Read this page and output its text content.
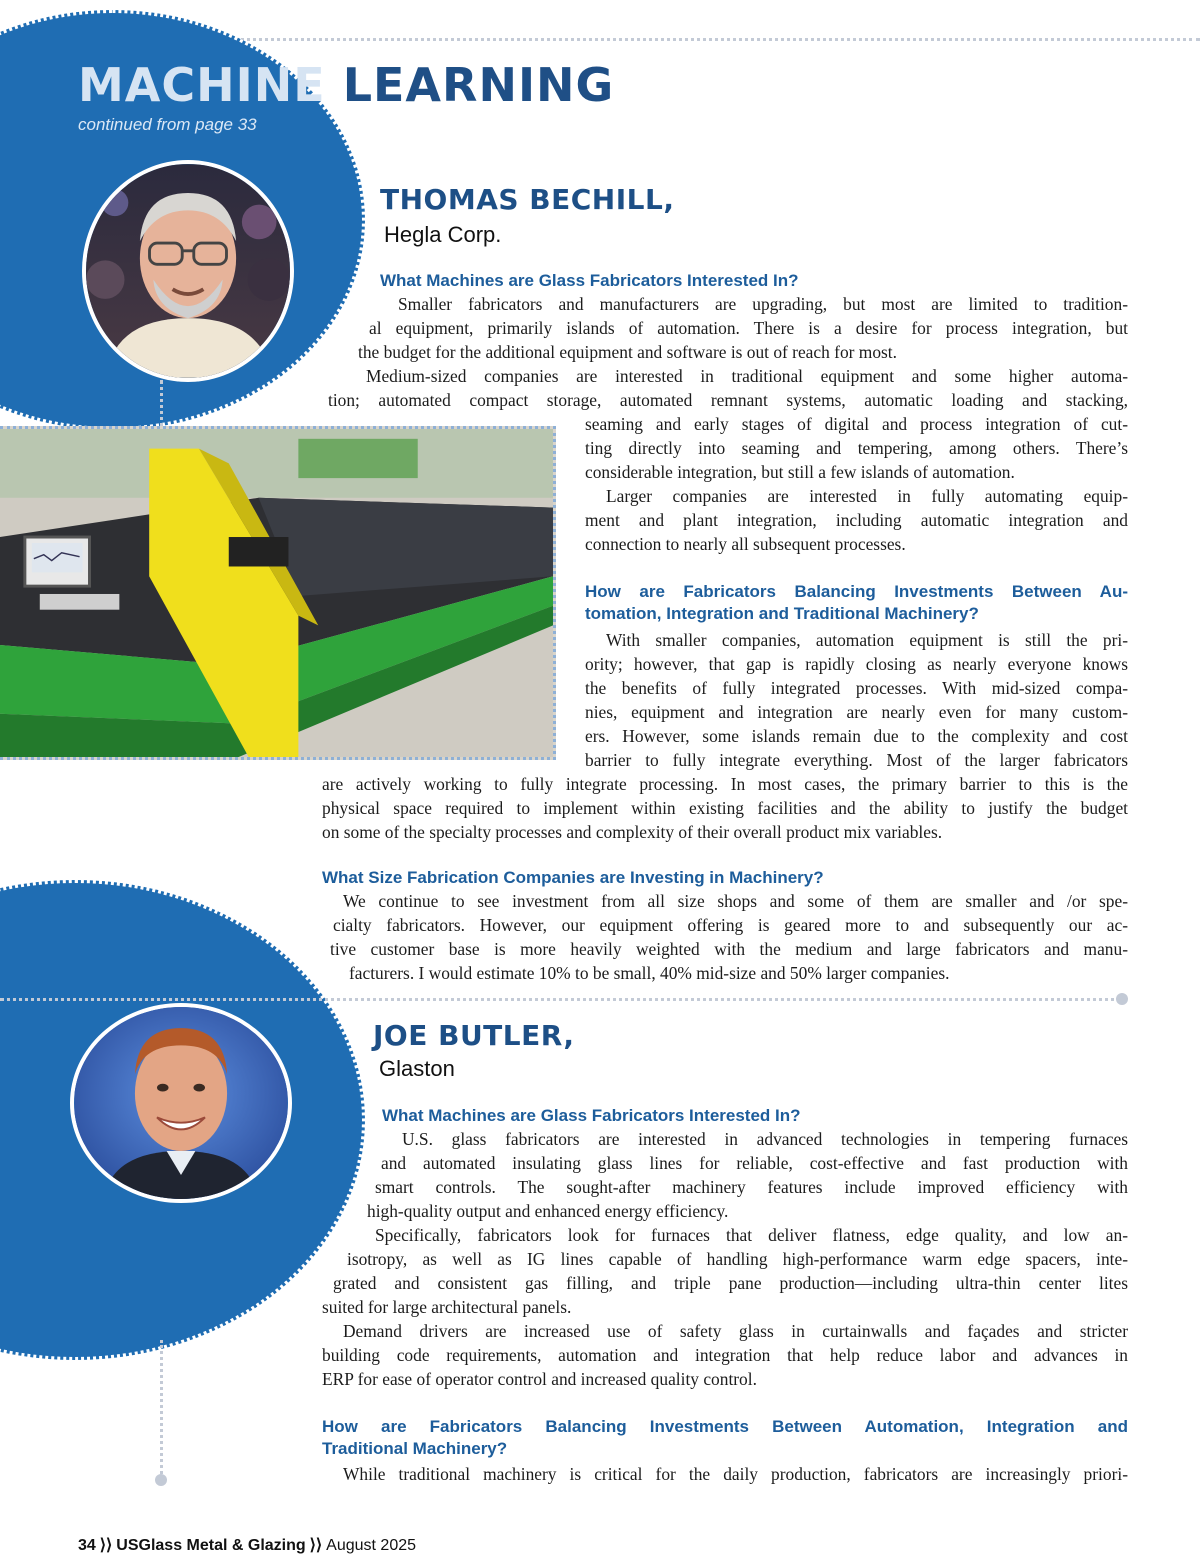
MACHINE LEARNING
continued from page 33
THOMAS BECHILL,
Hegla Corp.
What Machines are Glass Fabricators Interested In?

Smaller fabricators and manufacturers are upgrading, but most are limited to tradition-

al equipment, primarily islands of automation. There is a desire for process integration, but

the budget for the additional equipment and software is out of reach for most.

Medium-sized companies are interested in traditional equipment and some higher automa-

tion; automated compact storage, automated remnant systems, automatic loading and stacking,

seaming and early stages of digital and process integration of cut-

ting directly into seaming and tempering, among others. There’s

considerable integration, but still a few islands of automation.

Larger companies are interested in fully automating equip-

ment and plant integration, including automatic integration and

connection to nearly all subsequent processes.

How are Fabricators Balancing Investments Between Au-
tomation, Integration and Traditional Machinery?

With smaller companies, automation equipment is still the pri-

ority; however, that gap is rapidly closing as nearly everyone knows

the benefits of fully integrated processes. With mid-sized compa-

nies, equipment and integration are nearly even for many custom-

ers. However, some islands remain due to the complexity and cost

barrier to fully integrate everything. Most of the larger fabricators

are actively working to fully integrate processing. In most cases, the primary barrier to this is the

physical space required to implement within existing facilities and the ability to justify the budget

on some of the specialty processes and complexity of their overall product mix variables.

What Size Fabrication Companies are Investing in Machinery?

We continue to see investment from all size shops and some of them are smaller and /or spe-

cialty fabricators. However, our equipment offering is geared more to and subsequently our ac-

tive customer base is more heavily weighted with the medium and large fabricators and manu-

facturers. I would estimate 10% to be small, 40% mid-size and 50% larger companies.

JOE BUTLER,
Glaston
What Machines are Glass Fabricators Interested In?

U.S. glass fabricators are interested in advanced technologies in tempering furnaces

and automated insulating glass lines for reliable, cost-effective and fast production with

smart controls. The sought-after machinery features include improved efficiency with

high-quality output and enhanced energy efficiency.

Specifically, fabricators look for furnaces that deliver flatness, edge quality, and low an-

isotropy, as well as IG lines capable of handling high-performance warm edge spacers, inte-

grated and consistent gas filling, and triple pane production—including ultra-thin center lites

suited for large architectural panels.

Demand drivers are increased use of safety glass in curtainwalls and façades and stricter

building code requirements, automation and integration that help reduce labor and advances in

ERP for ease of operator control and increased quality control.

How are Fabricators Balancing Investments Between Automation, Integration and
Traditional Machinery?

While traditional machinery is critical for the daily production, fabricators are increasingly priori-

34 ⟩⟩ USGlass Metal & Glazing ⟩⟩ August 2025
